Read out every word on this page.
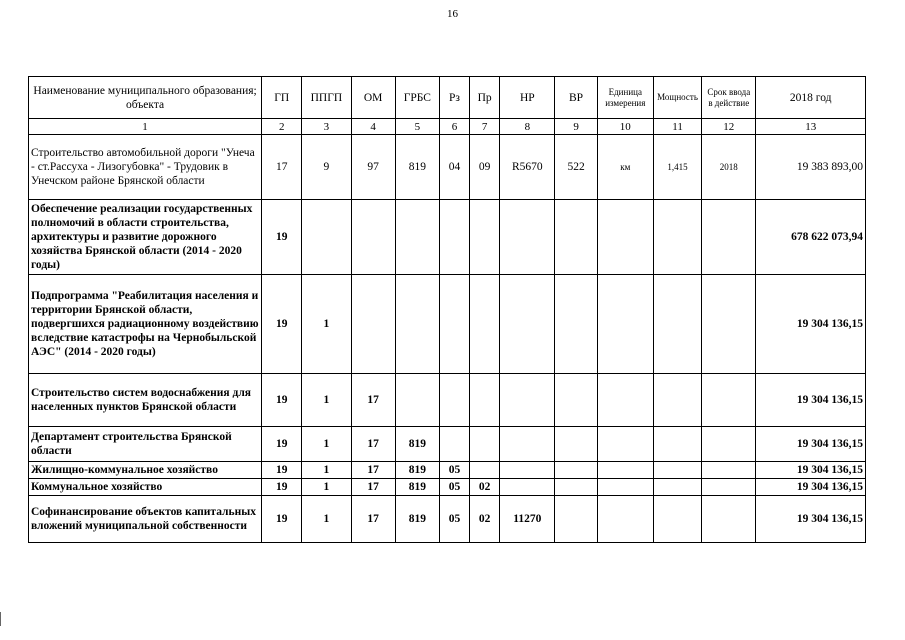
16
Наименование муниципального образования; объекта	ГП	ППГП	ОМ	ГРБС	Рз	Пр	НР	ВР	Единица измерения	Мощность	Срок ввода в действие	2018 год
1	2	3	4	5	6	7	8	9	10	11	12	13
Строительство автомобильной дороги "Унеча - ст.Рассуха - Лизогубовка" - Трудовик в Унечском районе Брянской области	17	9	97	819	04	09	R5670	522	км	1,415	2018	19 383 893,00
Обеспечение реализации государственных полномочий в области строительства, архитектуры и развитие дорожного хозяйства Брянской области (2014 - 2020 годы)	19											678 622 073,94
Подпрограмма "Реабилитация населения и территории Брянской области, подвергшихся радиационному воздействию вследствие катастрофы на Чернобыльской АЭС" (2014 - 2020 годы)	19	1										19 304 136,15
Строительство систем водоснабжения для населенных пунктов Брянской области	19	1	17									19 304 136,15
Департамент строительства Брянской области	19	1	17	819								19 304 136,15
Жилищно-коммунальное хозяйство	19	1	17	819	05							19 304 136,15
Коммунальное хозяйство	19	1	17	819	05	02						19 304 136,15
Софинансирование объектов капитальных вложений муниципальной собственности	19	1	17	819	05	02	11270					19 304 136,15
